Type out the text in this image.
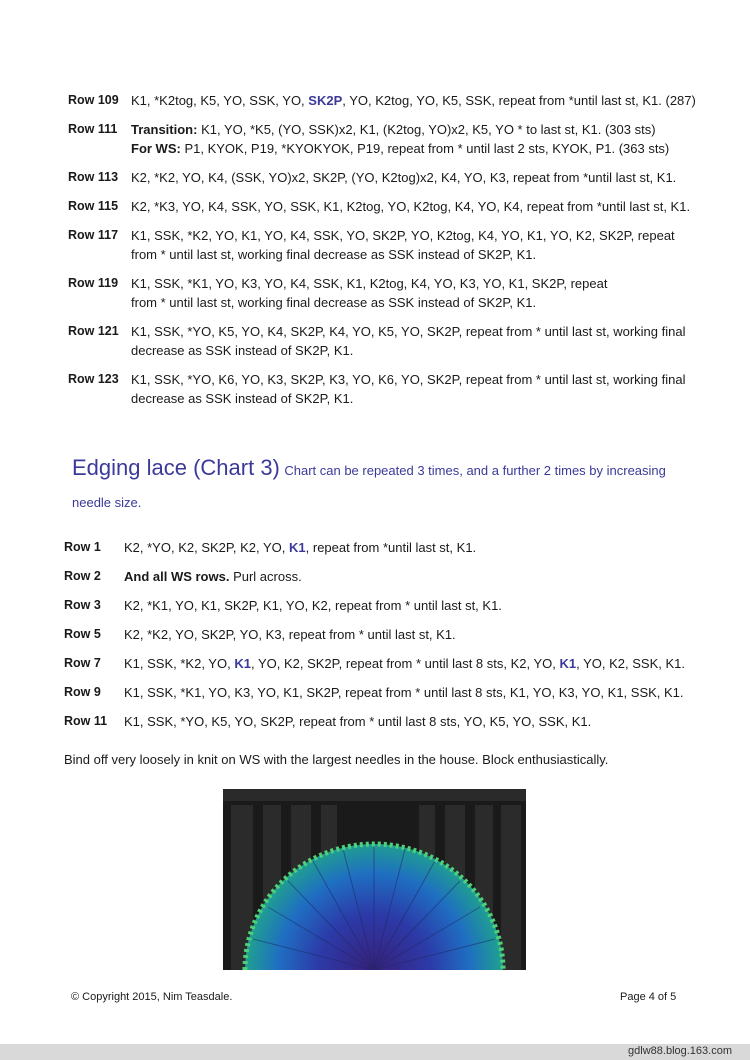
Row 109 K1, *K2tog, K5, YO, SSK, YO, SK2P, YO, K2tog, YO, K5, SSK, repeat from *until last st, K1. (287)
Row 111 Transition: K1, YO, *K5, (YO, SSK)x2, K1, (K2tog, YO)x2, K5, YO * to last st, K1. (303 sts)
For WS: P1, KYOK, P19, *KYOKYOK, P19, repeat from * until last 2 sts, KYOK, P1. (363 sts)
Row 113 K2, *K2, YO, K4, (SSK, YO)x2, SK2P, (YO, K2tog)x2, K4, YO, K3, repeat from *until last st, K1.
Row 115 K2, *K3, YO, K4, SSK, YO, SSK, K1, K2tog, YO, K2tog, K4, YO, K4, repeat from *until last st, K1.
Row 117 K1, SSK, *K2, YO, K1, YO, K4, SSK, YO, SK2P, YO, K2tog, K4, YO, K1, YO, K2, SK2P, repeat
from * until last st, working final decrease as SSK instead of SK2P, K1.
Row 119 K1, SSK, *K1, YO, K3, YO, K4, SSK, K1, K2tog, K4, YO, K3, YO, K1, SK2P, repeat
from * until last st, working final decrease as SSK instead of SK2P, K1.
Row 121 K1, SSK, *YO, K5, YO, K4, SK2P, K4, YO, K5, YO, SK2P, repeat from * until last st, working final
decrease as SSK instead of SK2P, K1.
Row 123 K1, SSK, *YO, K6, YO, K3, SK2P, K3, YO, K6, YO, SK2P, repeat from * until last st, working final
decrease as SSK instead of SK2P, K1.
Edging lace (Chart 3) Chart can be repeated 3 times, and a further 2 times by increasing needle size.
Row 1 K2, *YO, K2, SK2P, K2, YO, K1, repeat from *until last st, K1.
Row 2 And all WS rows. Purl across.
Row 3 K2, *K1, YO, K1, SK2P, K1, YO, K2, repeat from * until last st, K1.
Row 5 K2, *K2, YO, SK2P, YO, K3, repeat from * until last st, K1.
Row 7 K1, SSK, *K2, YO, K1, YO, K2, SK2P, repeat from * until last 8 sts, K2, YO, K1, YO, K2, SSK, K1.
Row 9 K1, SSK, *K1, YO, K3, YO, K1, SK2P, repeat from * until last 8 sts, K1, YO, K3, YO, K1, SSK, K1.
Row 11 K1, SSK, *YO, K5, YO, SK2P, repeat from * until last 8 sts, YO, K5, YO, SSK, K1.
Bind off very loosely in knit on WS with the largest needles in the house. Block enthusiastically.
© Copyright 2015, Nim Teasdale.	Page 4 of 5
gdlw88.blog.163.com
